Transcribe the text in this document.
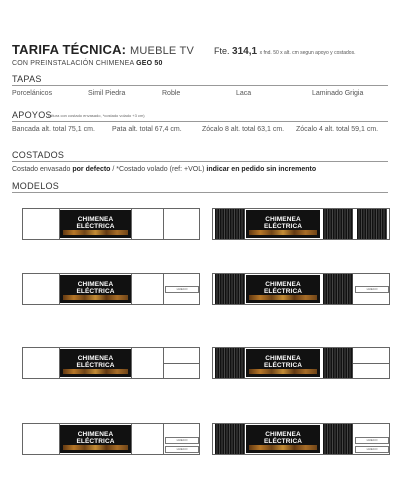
TARIFA TÉCNICA: MUEBLE TV Fte. 314,1 x fnd. 50 x alt. cm segun apoyo y costados.
CON PREINSTALACIÓN CHIMENEA GEO 50
TAPAS
Porcelánicos	Simil Piedra	Roble	Laca	Laminado Grigia
APOYOS
(altura con costado envasado, *costado volado +3 cm)
Bancada alt. total 75,1 cm. Pata alt. total 67,4 cm.	Zócalo 8 alt. total 63,1 cm. Zócalo 4 alt. total 59,1 cm.
COSTADOS
Costado envasado por defecto / *Costado volado (ref: +VOL) indicar en pedido sin incremento
MODELOS
CHIMENEA ELÉCTRICA
CHIMENEA ELÉCTRICA
CHIMENEA ELÉCTRICA	HUECO
CHIMENEA ELÉCTRICA	HUECO
CHIMENEA ELÉCTRICA
CHIMENEA ELÉCTRICA
CHIMENEA ELÉCTRICA	HUECO
HUECO
CHIMENEA ELÉCTRICA	HUECO
HUECO
